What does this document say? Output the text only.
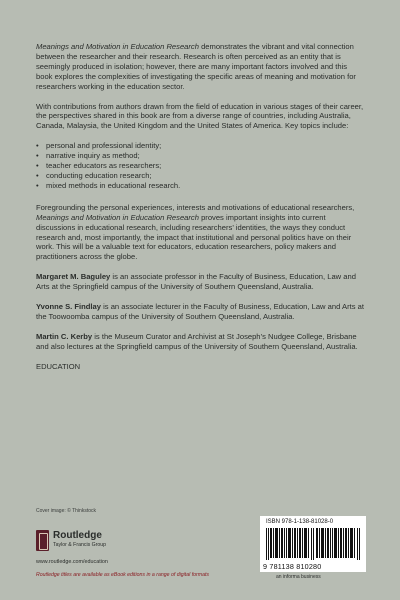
Meanings and Motivation in Education Research demonstrates the vibrant and vital connection between the researcher and their research. Research is often perceived as an entity that is seemingly produced in isolation; however, there are many important factors involved and this book explores the complexities of investigating the specific areas of meaning and motivation for researchers working in the education sector.

With contributions from authors drawn from the field of education in various stages of their career, the perspectives shared in this book are from a diverse range of countries, including Australia, Canada, Malaysia, the United Kingdom and the United States of America. Key topics include:

• personal and professional identity;
• narrative inquiry as method;
• teacher educators as researchers;
• conducting education research;
• mixed methods in educational research.

Foregrounding the personal experiences, interests and motivations of educational researchers, Meanings and Motivation in Education Research proves important insights into current discussions in educational research, including researchers’ identities, the ways they conduct research and, most importantly, the impact that institutional and personal politics have on their work. This will be a valuable text for educators, education researchers, policy makers and practitioners across the globe.

Margaret M. Baguley is an associate professor in the Faculty of Business, Education, Law and Arts at the Springfield campus of the University of Southern Queensland, Australia.

Yvonne S. Findlay is an associate lecturer in the Faculty of Business, Education, Law and Arts at the Toowoomba campus of the University of Southern Queensland, Australia.

Martin C. Kerby is the Museum Curator and Archivist at St Joseph’s Nudgee College, Brisbane and also lectures at the Springfield campus of the University of Southern Queensland, Australia.

EDUCATION

Cover image: © Thinkstock
Routledge
Taylor & Francis Group
www.routledge.com/education
Routledge titles are available as eBook editions in a range of digital formats
ISBN 978-1-138-81028-0
9 781138 810280
an informa business
